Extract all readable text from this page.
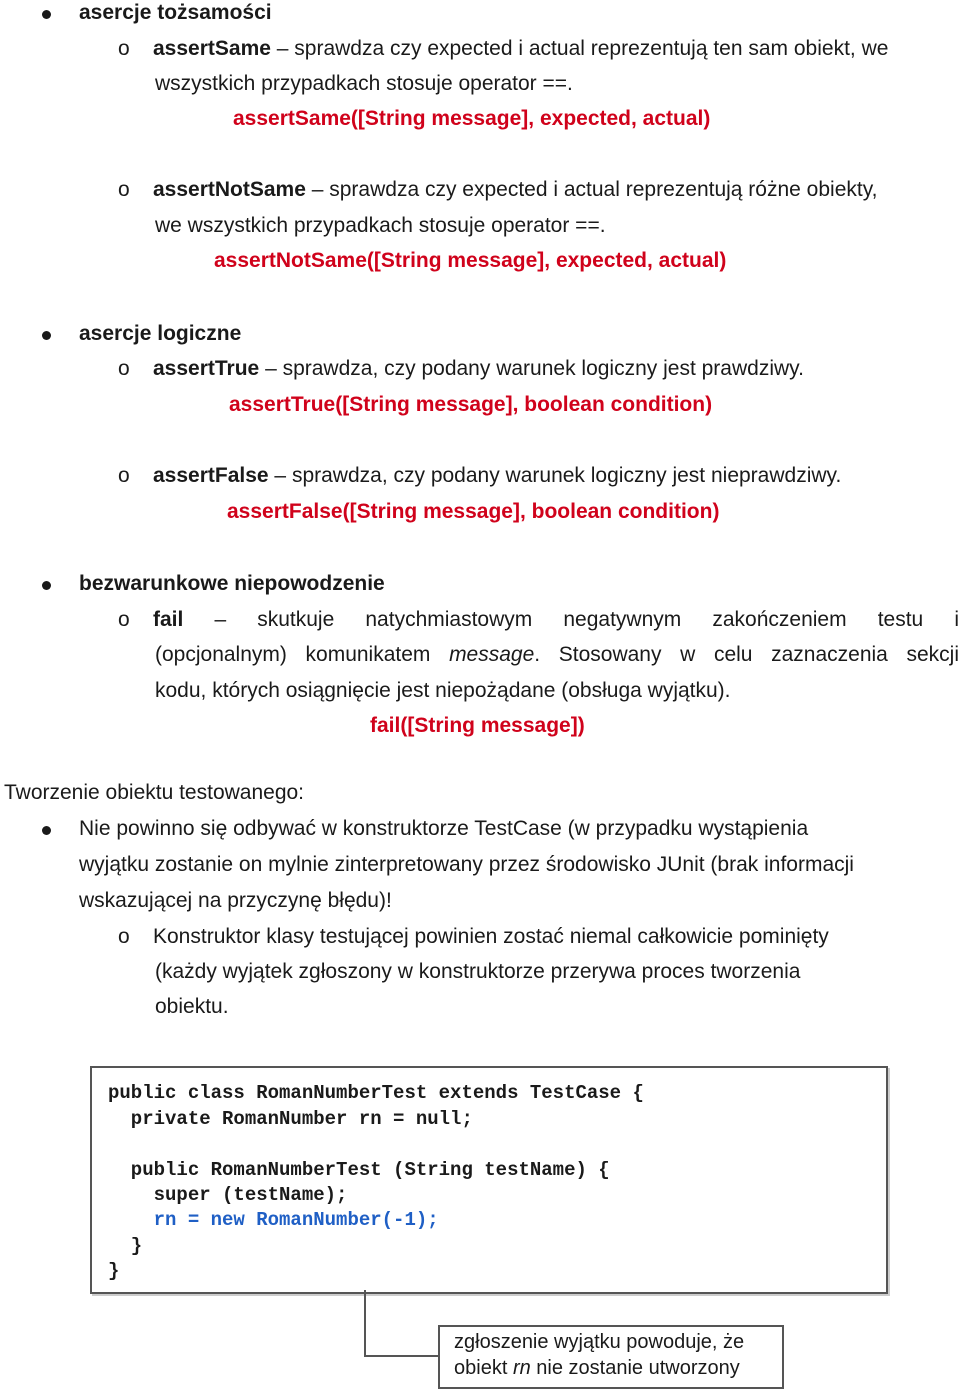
asercje tożsamości
o assertSame – sprawdza czy expected i actual reprezentują ten sam obiekt, we
wszystkich przypadkach stosuje operator ==.
assertSame([String message], expected, actual)
o assertNotSame – sprawdza czy expected i actual reprezentują różne obiekty,
we wszystkich przypadkach stosuje operator ==.
assertNotSame([String message], expected, actual)
asercje logiczne
o assertTrue – sprawdza, czy podany warunek logiczny jest prawdziwy.
assertTrue([String message], boolean condition)
o assertFalse – sprawdza, czy podany warunek logiczny jest nieprawdziwy.
assertFalse([String message], boolean condition)
bezwarunkowe niepowodzenie
o fail – skutkuje natychmiastowym negatywnym zakończeniem testu i
(opcjonalnym) komunikatem message. Stosowany w celu zaznaczenia sekcji
kodu, których osiągnięcie jest niepożądane (obsługa wyjątku).
fail([String message])
Tworzenie obiektu testowanego:
Nie powinno się odbywać w konstruktorze TestCase (w przypadku wystąpienia
wyjątku zostanie on mylnie zinterpretowany przez środowisko JUnit (brak informacji
wskazującej na przyczynę błędu)!
o Konstruktor klasy testującej powinien zostać niemal całkowicie pominięty
(każdy wyjątek zgłoszony w konstruktorze przerywa proces tworzenia
obiektu.
public class RomanNumberTest extends TestCase {
private RomanNumber rn = null;
public RomanNumberTest (String testName) {
super (testName);
rn = new RomanNumber(-1);
}
}
zgłoszenie wyjątku powoduje, że
obiekt rn nie zostanie utworzony
